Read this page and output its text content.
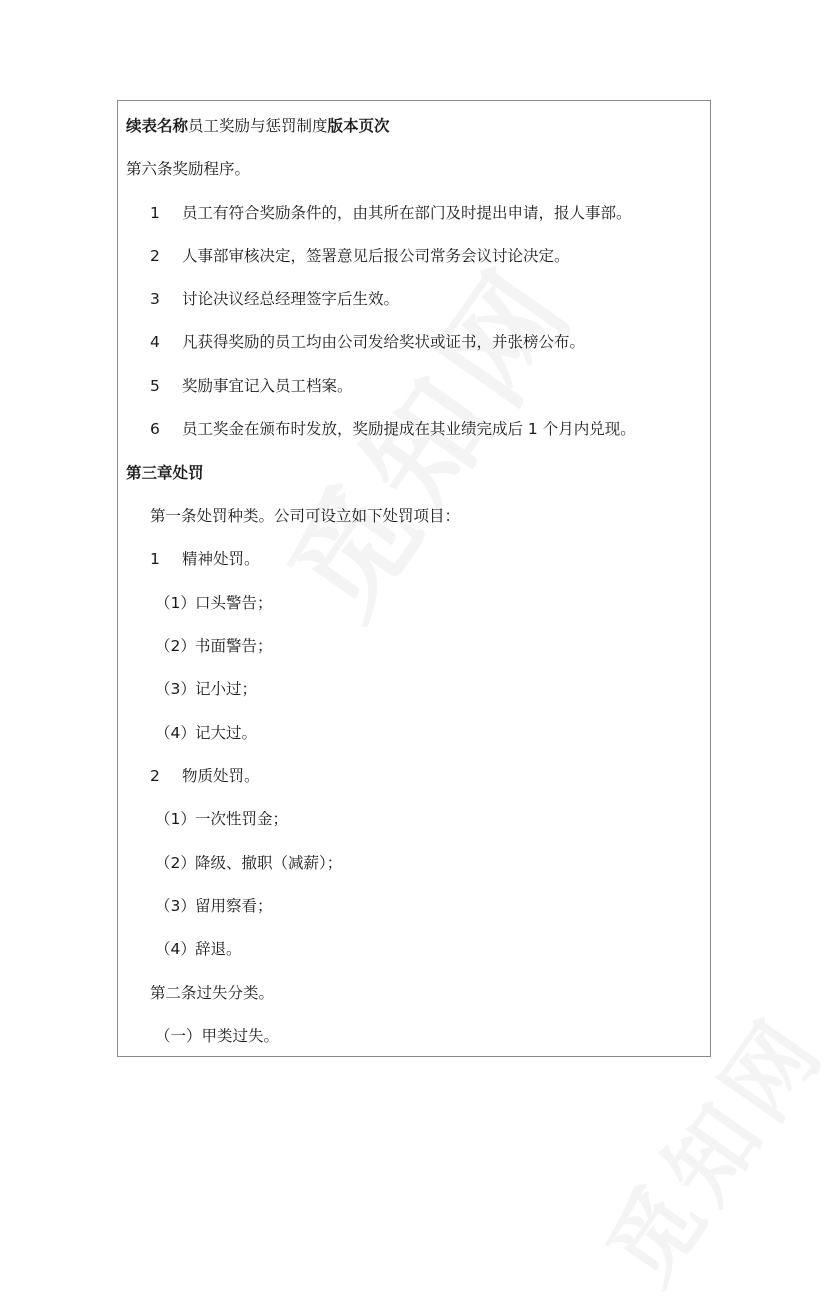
续表名称员工奖励与惩罚制度版本页次
第六条奖励程序。
1 员工有符合奖励条件的，由其所在部门及时提出申请，报人事部。
2 人事部审核决定，签署意见后报公司常务会议讨论决定。
3 讨论决议经总经理签字后生效。
4 凡获得奖励的员工均由公司发给奖状或证书，并张榜公布。
5 奖励事宜记入员工档案。
6 员工奖金在颁布时发放，奖励提成在其业绩完成后 1 个月内兑现。
第三章处罚
第一条处罚种类。公司可设立如下处罚项目：
1 精神处罚。
（1）口头警告；
（2）书面警告；
（3）记小过；
（4）记大过。
2 物质处罚。
（1）一次性罚金；
（2）降级、撤职（减薪）；
（3）留用察看；
（4）辞退。
第二条过失分类。
（一）甲类过失。
